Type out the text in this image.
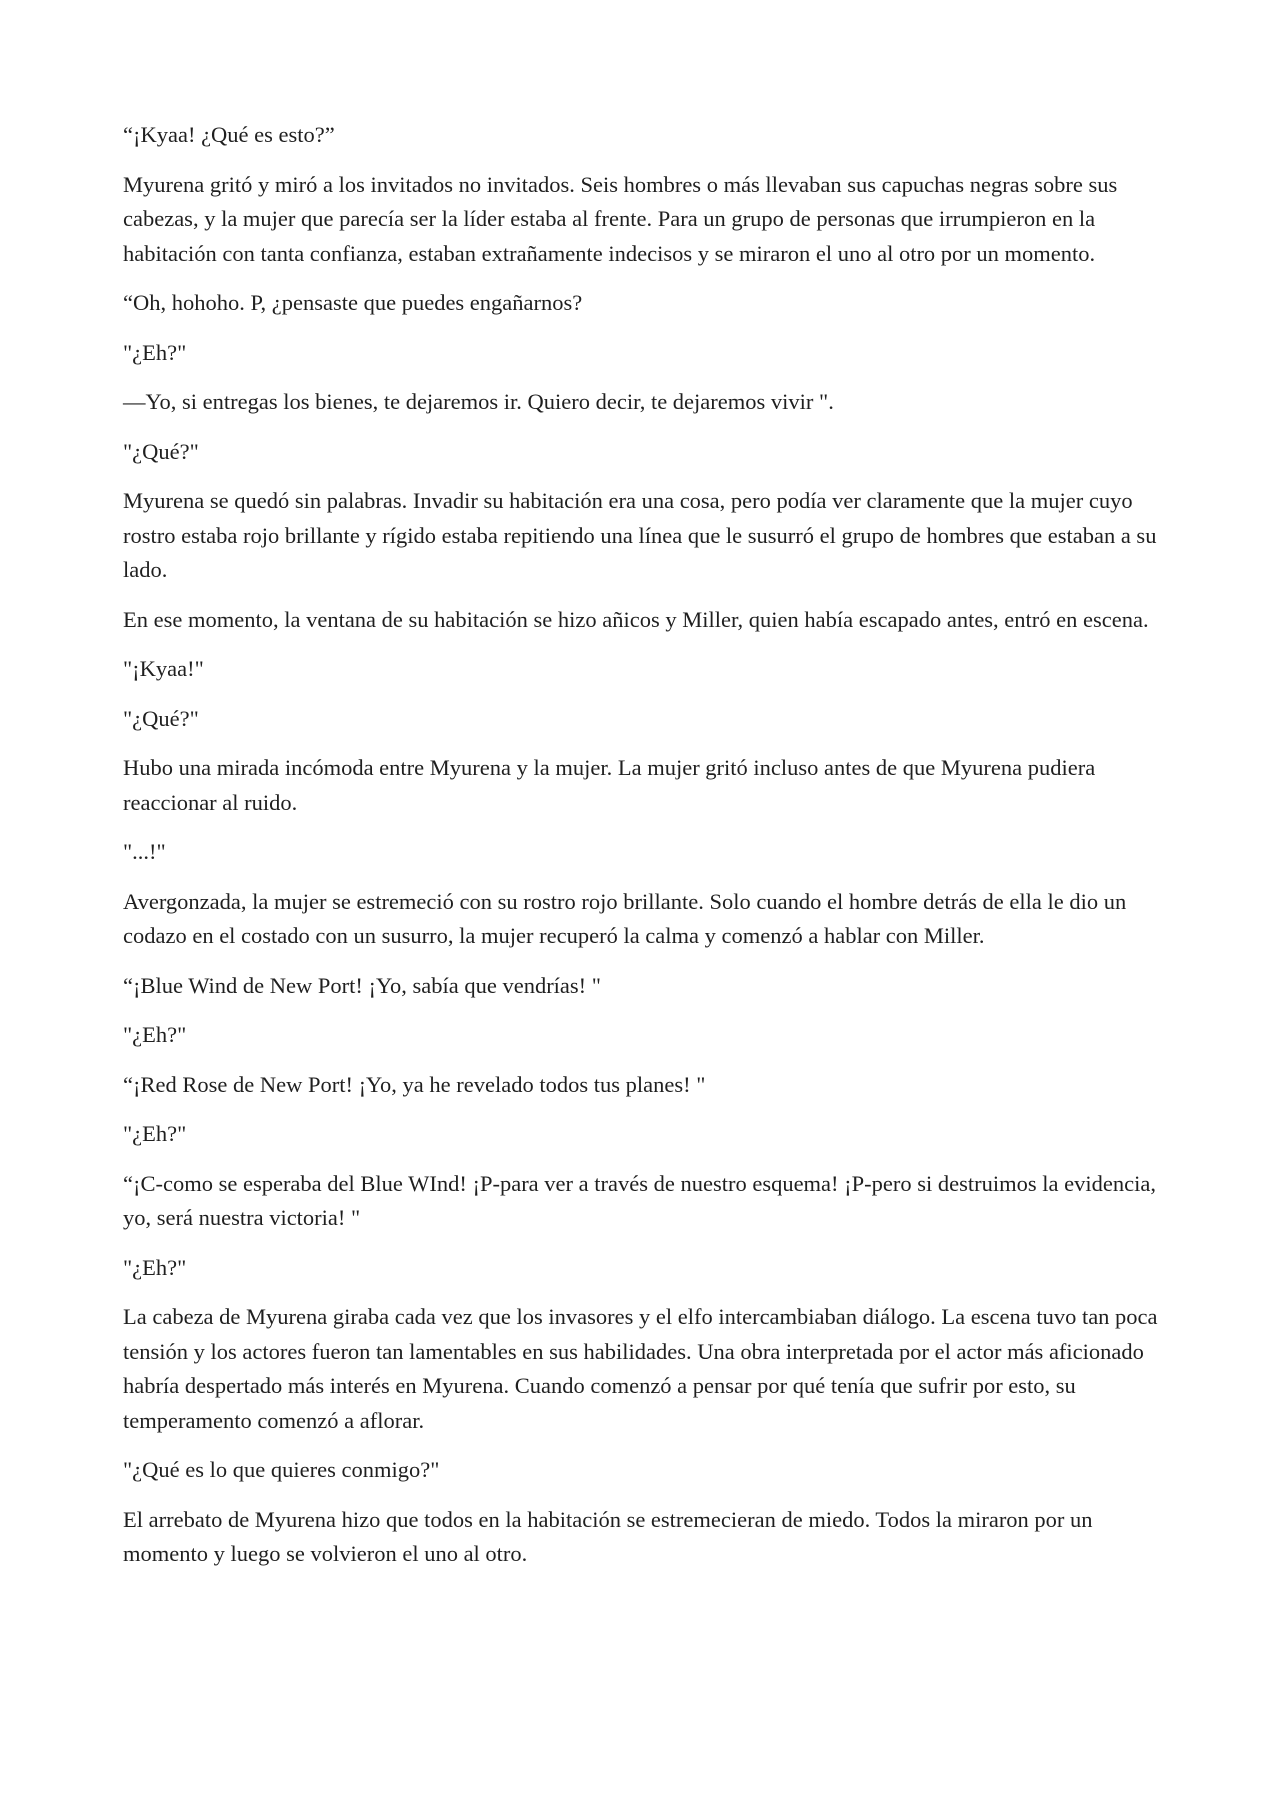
“¡Kyaa! ¿Qué es esto?”

Myurena gritó y miró a los invitados no invitados. Seis hombres o más llevaban sus capuchas negras sobre sus cabezas, y la mujer que parecía ser la líder estaba al frente. Para un grupo de personas que irrumpieron en la habitación con tanta confianza, estaban extrañamente indecisos y se miraron el uno al otro por un momento.

“Oh, hohoho. P, ¿pensaste que puedes engañarnos?

"¿Eh?"

—Yo, si entregas los bienes, te dejaremos ir. Quiero decir, te dejaremos vivir ".

"¿Qué?"

Myurena se quedó sin palabras. Invadir su habitación era una cosa, pero podía ver claramente que la mujer cuyo rostro estaba rojo brillante y rígido estaba repitiendo una línea que le susurró el grupo de hombres que estaban a su lado.

En ese momento, la ventana de su habitación se hizo añicos y Miller, quien había escapado antes, entró en escena.

"¡Kyaa!"

"¿Qué?"

Hubo una mirada incómoda entre Myurena y la mujer. La mujer gritó incluso antes de que Myurena pudiera reaccionar al ruido.

"...!"

Avergonzada, la mujer se estremeció con su rostro rojo brillante. Solo cuando el hombre detrás de ella le dio un codazo en el costado con un susurro, la mujer recuperó la calma y comenzó a hablar con Miller.

“¡Blue Wind de New Port! ¡Yo, sabía que vendrías! "

"¿Eh?"

“¡Red Rose de New Port! ¡Yo, ya he revelado todos tus planes! "

"¿Eh?"

“¡C-como se esperaba del Blue WInd! ¡P-para ver a través de nuestro esquema! ¡P-pero si destruimos la evidencia, yo, será nuestra victoria! "

"¿Eh?"

La cabeza de Myurena giraba cada vez que los invasores y el elfo intercambiaban diálogo. La escena tuvo tan poca tensión y los actores fueron tan lamentables en sus habilidades. Una obra interpretada por el actor más aficionado habría despertado más interés en Myurena. Cuando comenzó a pensar por qué tenía que sufrir por esto, su temperamento comenzó a aflorar.

"¿Qué es lo que quieres conmigo?"

El arrebato de Myurena hizo que todos en la habitación se estremecieran de miedo. Todos la miraron por un momento y luego se volvieron el uno al otro.
